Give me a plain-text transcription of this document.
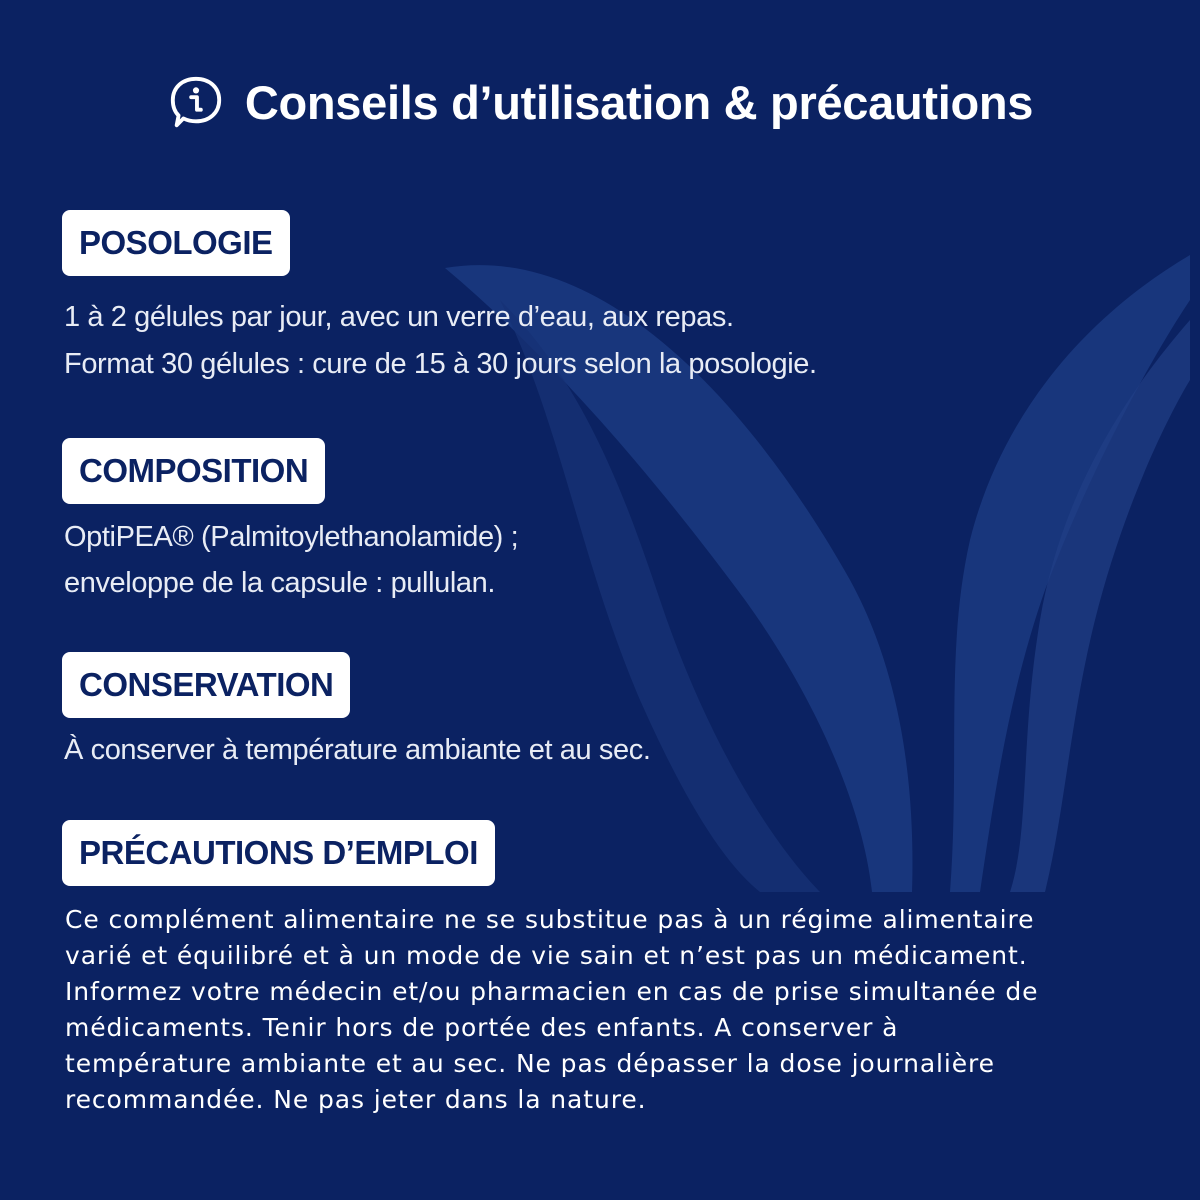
Conseils d’utilisation & précautions
POSOLOGIE
1 à 2 gélules par jour, avec un verre d’eau, aux repas.
Format 30 gélules : cure de 15 à 30 jours selon la posologie.
COMPOSITION
OptiPEA® (Palmitoylethanolamide) ;
enveloppe de la capsule : pullulan.
CONSERVATION
À conserver à température ambiante et au sec.
PRÉCAUTIONS D’EMPLOI
Ce complément alimentaire ne se substitue pas à un régime alimentaire
varié et équilibré et à un mode de vie sain et n’est pas un médicament.
Informez votre médecin et/ou pharmacien en cas de prise simultanée de
médicaments. Tenir hors de portée des enfants. A conserver à
température ambiante et au sec. Ne pas dépasser la dose journalière
recommandée. Ne pas jeter dans la nature.
